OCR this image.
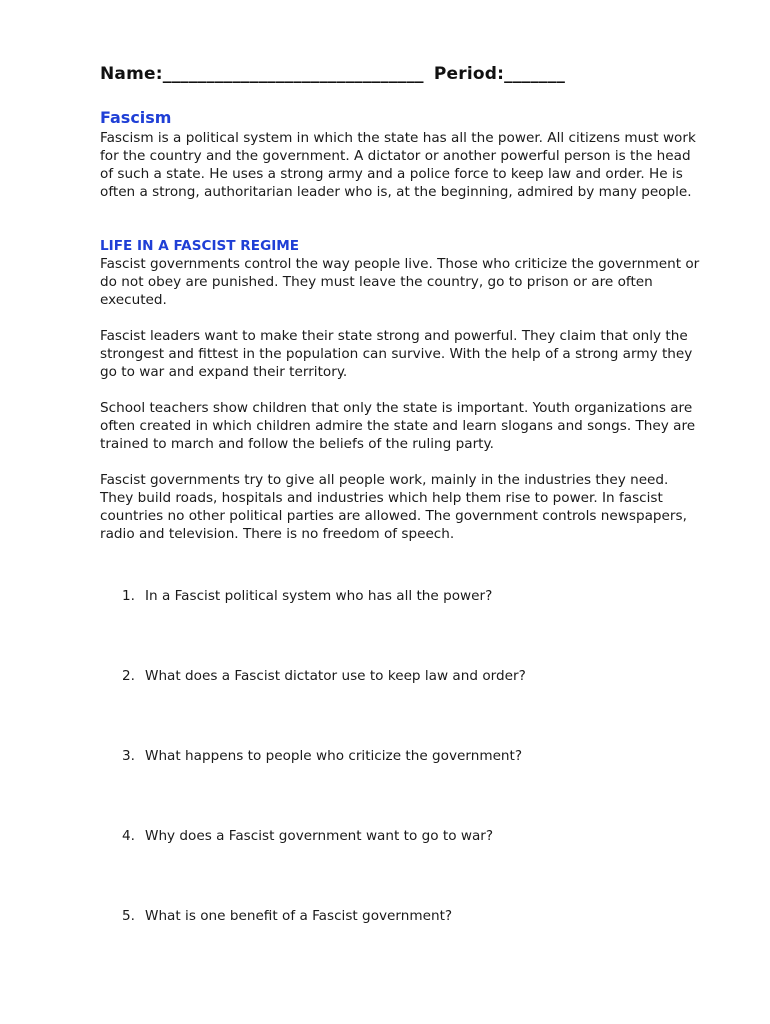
Name:______________________________ Period:_______
Fascism

Fascism is a political system in which the state has all the power. All citizens must work for the country and the government. A dictator or another powerful person is the head of such a state. He uses a strong army and a police force to keep law and order. He is often a strong, authoritarian leader who is, at the beginning, admired by many people.

LIFE IN A FASCIST REGIME

Fascist governments control the way people live. Those who criticize the government or do not obey are punished. They must leave the country, go to prison or are often executed.

Fascist leaders want to make their state strong and powerful. They claim that only the strongest and fittest in the population can survive. With the help of a strong army they go to war and expand their territory.

School teachers show children that only the state is important. Youth organizations are often created in which children admire the state and learn slogans and songs. They are trained to march and follow the beliefs of the ruling party.

Fascist governments try to give all people work, mainly in the industries they need. They build roads, hospitals and industries which help them rise to power. In fascist countries no other political parties are allowed. The government controls newspapers, radio and television. There is no freedom of speech.

1. In a Fascist political system who has all the power?
2. What does a Fascist dictator use to keep law and order?
3. What happens to people who criticize the government?
4. Why does a Fascist government want to go to war?
5. What is one benefit of a Fascist government?
